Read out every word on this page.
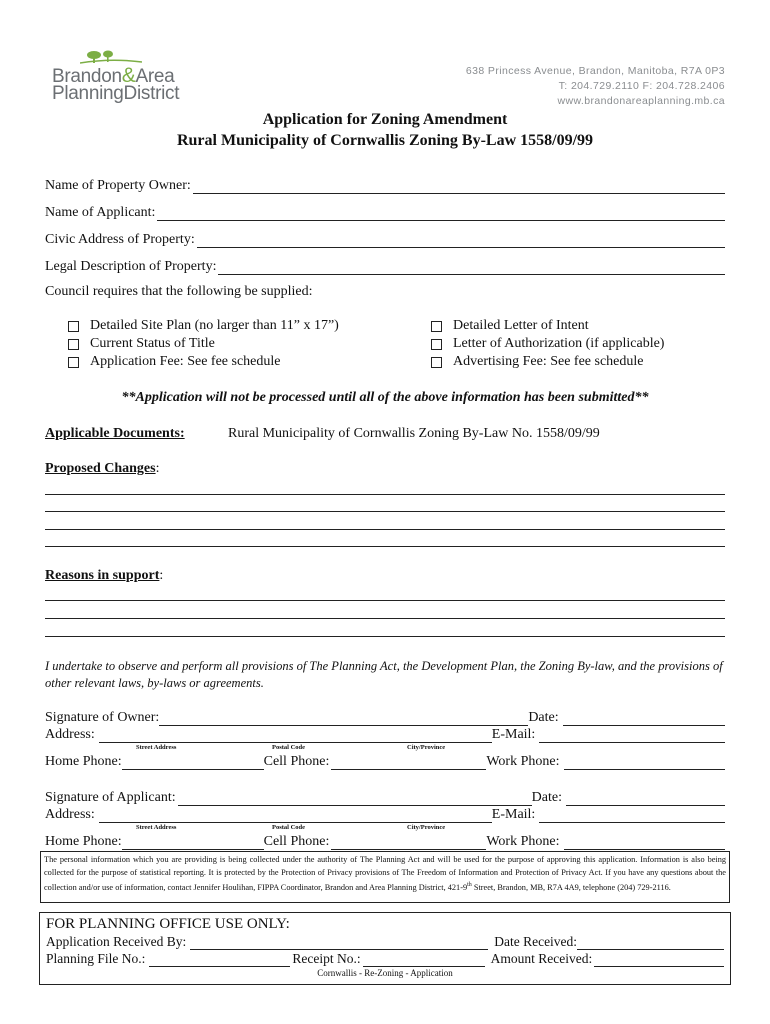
Brandon&Area
PlanningDistrict
638 Princess Avenue, Brandon, Manitoba, R7A 0P3
T: 204.729.2110 F: 204.728.2406
www.brandonareaplanning.mb.ca
Application for Zoning Amendment
Rural Municipality of Cornwallis Zoning By-Law 1558/09/99
Name of Property Owner:
Name of Applicant:
Civic Address of Property:
Legal Description of Property:
Council requires that the following be supplied:
Detailed Site Plan (no larger than 11” x 17”)
Current Status of Title
Application Fee: See fee schedule
Detailed Letter of Intent
Letter of Authorization (if applicable)
Advertising Fee: See fee schedule
**Application will not be processed until all of the above information has been submitted**
Applicable Documents:	Rural Municipality of Cornwallis Zoning By-Law No. 1558/09/99
Proposed Changes:
Reasons in support:
I undertake to observe and perform all provisions of The Planning Act, the Development Plan, the Zoning By-law, and the provisions of other relevant laws, by-laws or agreements.
Signature of Owner:	Date:
Address:	E-Mail:
Street Address	Postal Code	City/Province
Home Phone:	Cell Phone:	Work Phone:
Signature of Applicant:	Date:
Address:	E-Mail:
Street Address	Postal Code	City/Province
Home Phone:	Cell Phone:	Work Phone:
The personal information which you are providing is being collected under the authority of The Planning Act and will be used for the purpose of approving this application. Information is also being collected for the purpose of statistical reporting. It is protected by the Protection of Privacy provisions of The Freedom of Information and Protection of Privacy Act. If you have any questions about the collection and/or use of information, contact Jennifer Houlihan, FIPPA Coordinator, Brandon and Area Planning District, 421-9th Street, Brandon, MB, R7A 4A9, telephone (204) 729-2116.
FOR PLANNING OFFICE USE ONLY:
Application Received By:	Date Received:
Planning File No.:	Receipt No.:	Amount Received:
Cornwallis - Re-Zoning - Application
